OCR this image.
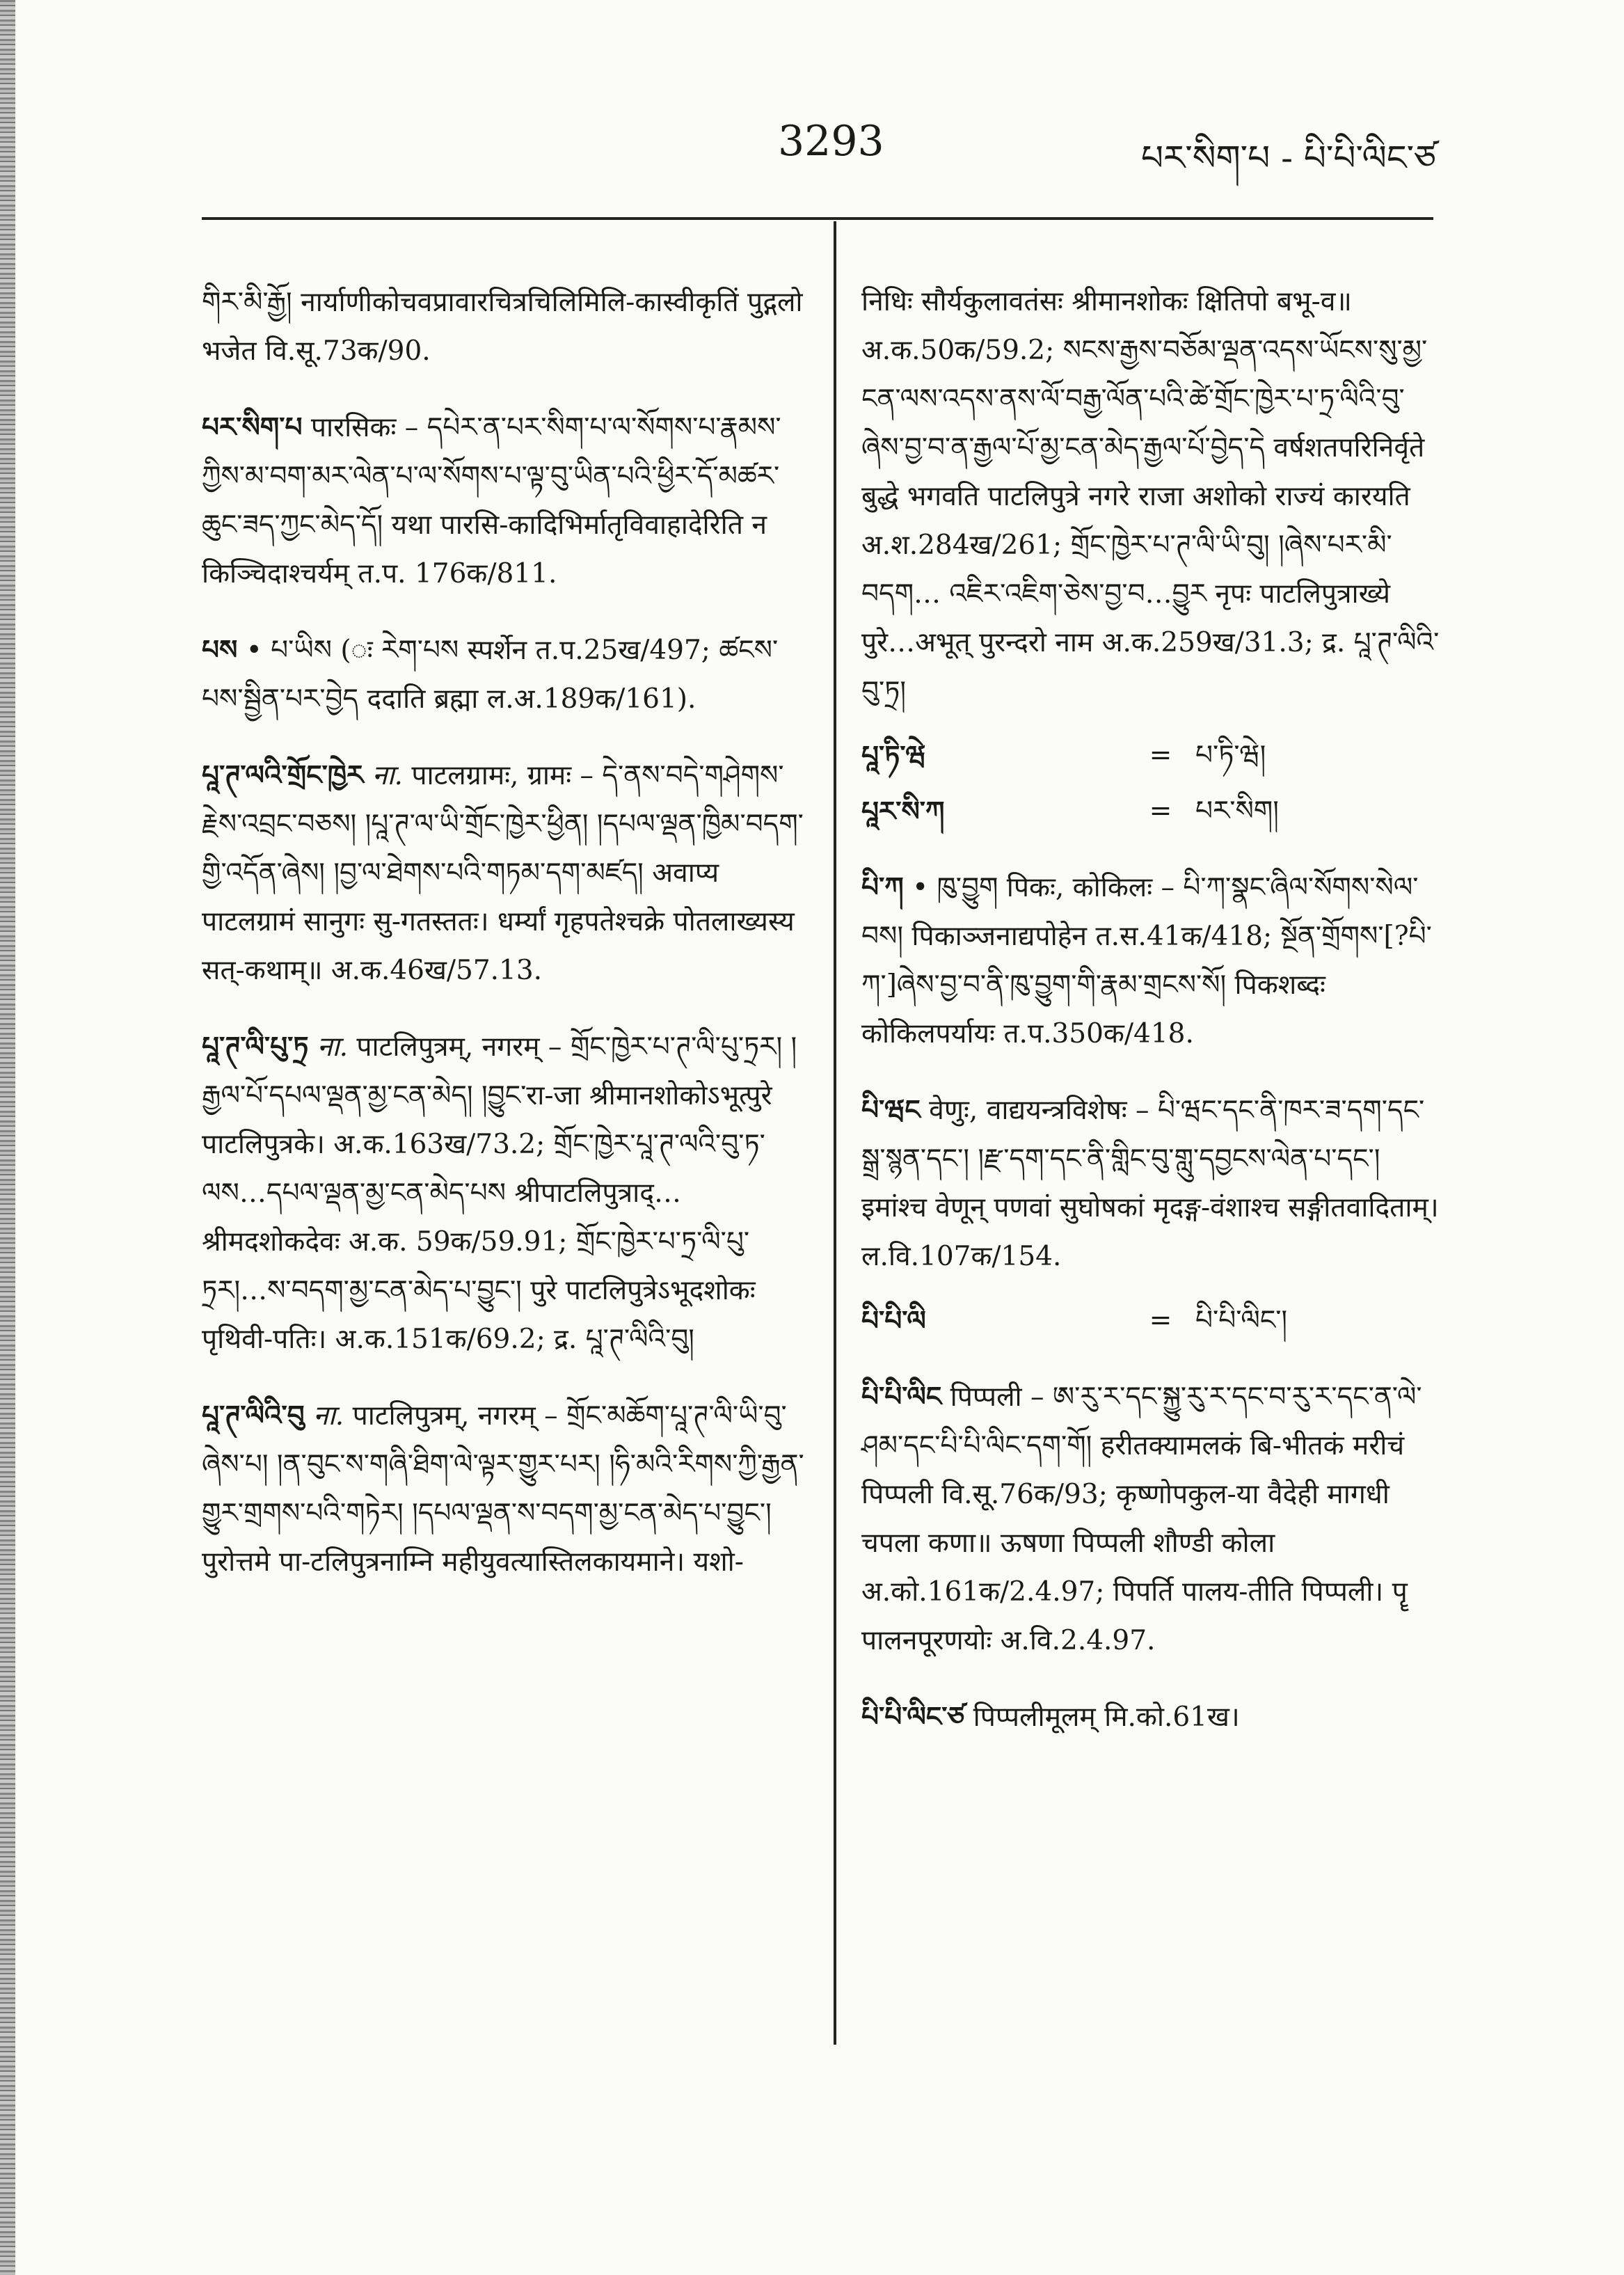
3293	པར་སིག་པ - པི་པི་ལིང་ཙ

གིར་མི་རྒྱོ། नार्याणीकोचवप्रावारचित्रचिलिमिलि-कास्वीकृतिं पुद्गलो भजेत वि.सू.73क/90.

པར་སིག་པ पारसिकः – དཔེར་ན་པར་སིག་པ་ལ་སོགས་པ་རྣམས་ཀྱིས་མ་བག་མར་ལེན་པ་ལ་སོགས་པ་ལྟ་བུ་ཡིན་པའི་ཕྱིར་དོ་མཚར་ཆུང་ཟད་ཀྱང་མེད་དོ། यथा पारसि-कादिभिर्मातृविवाहादेरिति न किञ्चिदाश्चर्यम् त.प. 176क/811.

པས • པ་ཡིས (ः རེག་པས स्पर्शेन त.प.25ख/497; ཚངས་པས་སྦྱིན་པར་བྱེད ददाति ब्रह्मा ल.अ.189क/161).

པཱ་ཊ་ལའི་གྲོང་ཁྱེར ना. पाटलग्रामः, ग्रामः – དེ་ནས་བདེ་གཤེགས་རྗེས་འབྲང་བཅས། །པཱ་ཊ་ལ་ཡི་གྲོང་ཁྱེར་ཕྱིན། །དཔལ་ལྡན་ཁྱིམ་བདག་གྱི་འདོན་ཞེས། །བྱ་ལ་ཐེགས་པའི་གཏམ་དག་མཛད། अवाप्य पाटलग्रामं सानुगः सु-गतस्ततः। धर्म्यां गृहपतेश्चक्रे पोतलाख्यस्य सत्-कथाम्॥ अ.क.46ख/57.13.

པཱ་ཊ་ལི་པུ་ཏྲ ना. पाटलिपुत्रम्, नगरम् – གྲོང་ཁྱེར་པ་ཊ་ལི་པུ་ཏྲར། །རྒྱལ་པོ་དཔལ་ལྡན་མྱ་ངན་མེད། །བྱུང་रा-जा श्रीमानशोकोऽभूत्पुरे पाटलिपुत्रके। अ.क.163ख/73.2; གྲོང་ཁྱེར་པཱ་ཊ་ལའི་བུ་ཏ་ལས…དཔལ་ལྡན་མྱ་ངན་མེད་པས श्रीपाटलिपुत्राद्… श्रीमदशोकदेवः अ.क. 59क/59.91; གྲོང་ཁྱེར་པ་ཏྲ་ལི་པུ་ཏྲར།…ས་བདག་མྱ་ངན་མེད་པ་བྱུང་། पुरे पाटलिपुत्रेऽभूदशोकः पृथिवी-पतिः। अ.क.151क/69.2; द्र. པཱ་ཊ་ལིའི་བུ།

པཱ་ཊ་ལིའི་བུ ना. पाटलिपुत्रम्, नगरम् – གྲོང་མཆོག་པཱ་ཊ་ལི་ཡི་བུ་ཞེས་པ། །ན་བུང་ས་གཞི་ཐིག་ལེ་ལྟར་གྱུར་པར། །ཧི་མའི་རིགས་ཀྱི་རྒྱན་གྱུར་གྲགས་པའི་གཏེར། །དཔལ་ལྡན་ས་བདག་མྱ་ངན་མེད་པ་བྱུང་། पुरोत्तमे पा-टलिपुत्रनाम्नि महीयुवत्यास्तिलकायमाने। यशो-

निधिः सौर्यकुलावतंसः श्रीमानशोकः क्षितिपो बभू-व॥ अ.क.50क/59.2; སངས་རྒྱས་བཅོམ་ལྡན་འདས་ཡོངས་སུ་མྱ་ངན་ལས་འདས་ནས་ལོ་བརྒྱ་ལོན་པའི་ཚེ་གྲོང་ཁྱེར་པ་ཏྲ་ལིའི་བུ་ཞེས་བྱ་བ་ན་རྒྱལ་པོ་མྱ་ངན་མེད་རྒྱལ་པོ་བྱེད་དེ वर्षशतपरिनिर्वृते बुद्धे भगवति पाटलिपुत्रे नगरे राजा अशोको राज्यं कारयति अ.श.284ख/261; གྲོང་ཁྱེར་པ་ཊ་ལི་ཡི་བུ། །ཞེས་པར་མི་བདག… འཇིར་འཇིག་ཅེས་བྱ་བ…བྱུར नृपः पाटलिपुत्राख्ये पुरे…अभूत् पुरन्दरो नाम अ.क.259ख/31.3; द्र. པཱ་ཊ་ལིའི་བུ་ཏྲ།

པཱ་ཏི་ཝེ	= པ་ཏི་ཝེ།
པཱར་སི་ཀ	= པར་སིག།

པི་ཀ • ཁུ་བྱུག पिकः, कोकिलः – པི་ཀ་སྣང་ཞིལ་སོགས་སེལ་བས། पिकाञ्जनाद्यपोहेन त.स.41क/418; སྔོན་གྲོགས་[?པི་ཀ་]ཞེས་བྱ་བ་ནི་ཁུ་བྱུག་གི་རྣམ་གྲངས་སོ། पिकशब्दः कोकिलपर्यायः त.प.350क/418.

པི་ཝང वेणुः, वाद्ययन्त्रविशेषः – པི་ཝང་དང་ནི་ཁར་ཟ་དག་དང་སྒྲ་སྙན་དང་། །རྫ་དག་དང་ནི་གླིང་བུ་གླུ་དབྱངས་ལེན་པ་དང་། इमांश्च वेणून् पणवां सुघोषकां मृदङ्ग-वंशाश्च सङ्गीतवादिताम्। ल.वि.107क/154.

པི་པི་ལི	= པི་པི་ལིང་།

པི་པི་ལིང पिप्पली – ཨ་རུ་ར་དང་སྐྱུ་རུ་ར་དང་བ་རུ་ར་དང་ན་ལེ་ཤམ་དང་པི་པི་ལིང་དག་གོ། हरीतक्यामलकं बि-भीतकं मरीचं पिप्पली वि.सू.76क/93; कृष्णोपकुल-या वैदेही मागधी चपला कणा॥ ऊषणा पिप्पली शौण्डी कोला अ.को.161क/2.4.97; पिपर्ति पालय-तीति पिप्पली। पॄ पालनपूरणयोः अ.वि.2.4.97.

པི་པི་ལིང་ཙ पिप्पलीमूलम् मि.को.61ख।
